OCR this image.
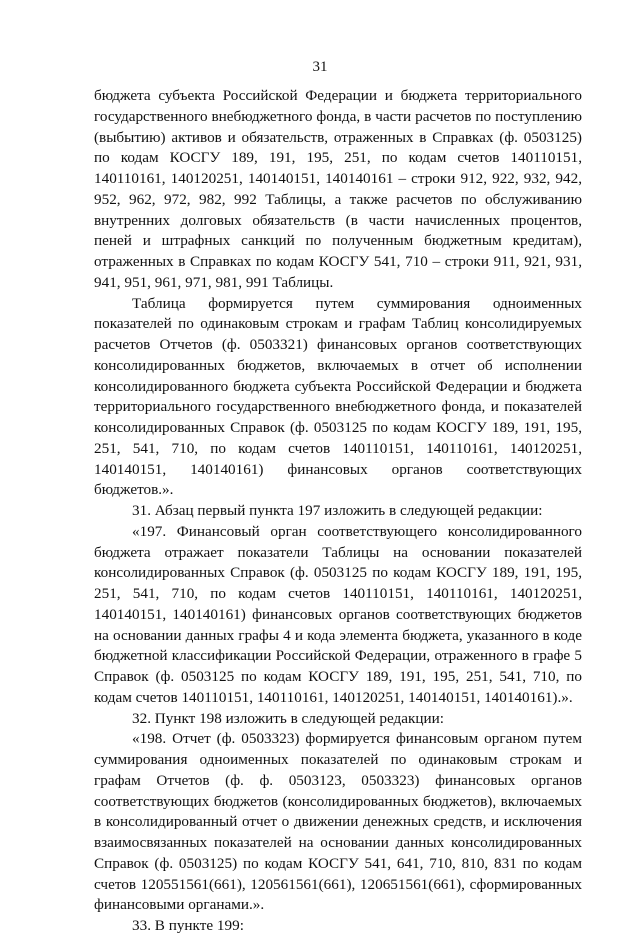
31

бюджета субъекта Российской Федерации и бюджета территориального государственного внебюджетного фонда, в части расчетов по поступлению (выбытию) активов и обязательств, отраженных в Справках (ф. 0503125) по кодам КОСГУ 189, 191, 195, 251, по кодам счетов 140110151, 140110161, 140120251, 140140151, 140140161 – строки 912, 922, 932, 942, 952, 962, 972, 982, 992 Таблицы, а также расчетов по обслуживанию внутренних долговых обязательств (в части начисленных процентов, пеней и штрафных санкций по полученным бюджетным кредитам), отраженных в Справках по кодам КОСГУ 541, 710 – строки 911, 921, 931, 941, 951, 961, 971, 981, 991 Таблицы.

Таблица формируется путем суммирования одноименных показателей по одинаковым строкам и графам Таблиц консолидируемых расчетов Отчетов (ф. 0503321) финансовых органов соответствующих консолидированных бюджетов, включаемых в отчет об исполнении консолидированного бюджета субъекта Российской Федерации и бюджета территориального государственного внебюджетного фонда, и показателей консолидированных Справок (ф. 0503125 по кодам КОСГУ 189, 191, 195, 251, 541, 710, по кодам счетов 140110151, 140110161, 140120251, 140140151, 140140161) финансовых органов соответствующих бюджетов.».

31. Абзац первый пункта 197 изложить в следующей редакции:

«197. Финансовый орган соответствующего консолидированного бюджета отражает показатели Таблицы на основании показателей консолидированных Справок (ф. 0503125 по кодам КОСГУ 189, 191, 195, 251, 541, 710, по кодам счетов 140110151, 140110161, 140120251, 140140151, 140140161) финансовых органов соответствующих бюджетов на основании данных графы 4 и кода элемента бюджета, указанного в коде бюджетной классификации Российской Федерации, отраженного в графе 5 Справок (ф. 0503125 по кодам КОСГУ 189, 191, 195, 251, 541, 710, по кодам счетов 140110151, 140110161, 140120251, 140140151, 140140161).».

32. Пункт 198 изложить в следующей редакции:

«198. Отчет (ф. 0503323) формируется финансовым органом путем суммирования одноименных показателей по одинаковым строкам и графам Отчетов (ф. ф. 0503123, 0503323) финансовых органов соответствующих бюджетов (консолидированных бюджетов), включаемых в консолидированный отчет о движении денежных средств, и исключения взаимосвязанных показателей на основании данных консолидированных Справок (ф. 0503125) по кодам КОСГУ 541, 641, 710, 810, 831 по кодам счетов 120551561(661), 120561561(661), 120651561(661), сформированных финансовыми органами.».

33. В пункте 199:
